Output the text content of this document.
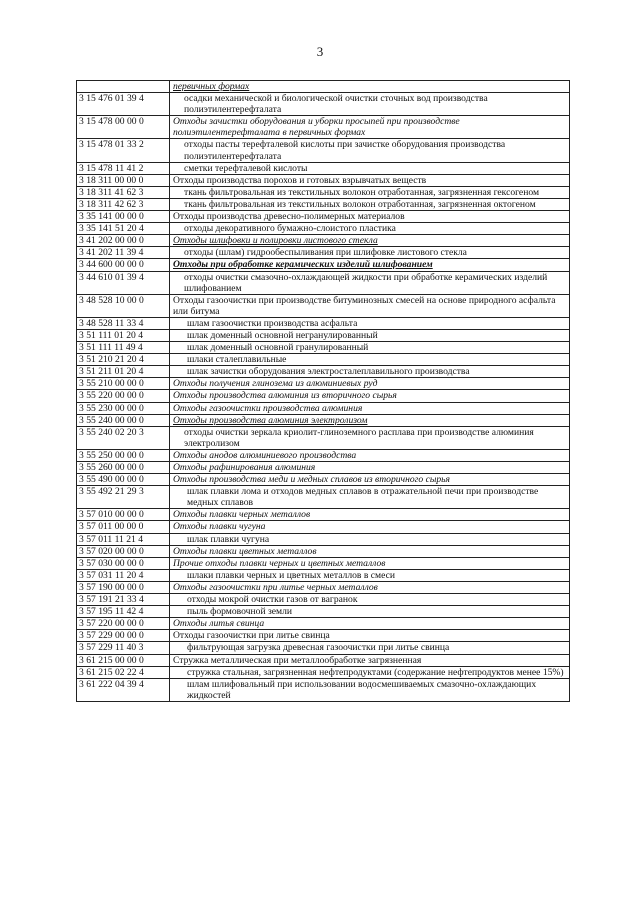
3
	первичных формах
3 15 476 01 39 4	осадки механической и биологической очистки сточных вод производства полиэтилентерефталата
3 15 478 00 00 0	Отходы зачистки оборудования и уборки просыпей при производстве полиэтилентерефталата в первичных формах
3 15 478 01 33 2	отходы пасты терефталевой кислоты при зачистке оборудования производства полиэтилентерефталата
3 15 478 11 41 2	сметки терефталевой кислоты
3 18 311 00 00 0	Отходы производства порохов и готовых взрывчатых веществ
3 18 311 41 62 3	ткань фильтровальная из текстильных волокон отработанная, загрязненная гексогеном
3 18 311 42 62 3	ткань фильтровальная из текстильных волокон отработанная, загрязненная октогеном
3 35 141 00 00 0	Отходы производства древесно-полимерных материалов
3 35 141 51 20 4	отходы декоративного бумажно-слоистого пластика
3 41 202 00 00 0	Отходы шлифовки и полировки листового стекла
3 41 202 11 39 4	отходы (шлам) гидрообеспыливания при шлифовке листового стекла
3 44 600 00 00 0	Отходы при обработке керамических изделий шлифованием
3 44 610 01 39 4	отходы очистки смазочно-охлаждающей жидкости при обработке керамических изделий шлифованием
3 48 528 10 00 0	Отходы газоочистки при производстве битуминозных смесей на основе природного асфальта или битума
3 48 528 11 33 4	шлам газоочистки производства асфальта
3 51 111 01 20 4	шлак доменный основной негранулированный
3 51 111 11 49 4	шлак доменный основной гранулированный
3 51 210 21 20 4	шлаки сталеплавильные
3 51 211 01 20 4	шлак зачистки оборудования электросталеплавильного производства
3 55 210 00 00 0	Отходы получения глинозема из алюминиевых руд
3 55 220 00 00 0	Отходы производства алюминия из вторичного сырья
3 55 230 00 00 0	Отходы газоочистки производства алюминия
3 55 240 00 00 0	Отходы производства алюминия электролизом
3 55 240 02 20 3	отходы очистки зеркала криолит-глиноземного расплава при производстве алюминия электролизом
3 55 250 00 00 0	Отходы анодов алюминиевого производства
3 55 260 00 00 0	Отходы рафинирования алюминия
3 55 490 00 00 0	Отходы производства меди и медных сплавов из вторичного сырья
3 55 492 21 29 3	шлак плавки лома и отходов медных сплавов в отражательной печи при производстве медных сплавов
3 57 010 00 00 0	Отходы плавки черных металлов
3 57 011 00 00 0	Отходы плавки чугуна
3 57 011 11 21 4	шлак плавки чугуна
3 57 020 00 00 0	Отходы плавки цветных металлов
3 57 030 00 00 0	Прочие отходы плавки черных и цветных металлов
3 57 031 11 20 4	шлаки плавки черных и цветных металлов в смеси
3 57 190 00 00 0	Отходы газоочистки при литье черных металлов
3 57 191 21 33 4	отходы мокрой очистки газов от вагранок
3 57 195 11 42 4	пыль формовочной земли
3 57 220 00 00 0	Отходы литья свинца
3 57 229 00 00 0	Отходы газоочистки при литье свинца
3 57 229 11 40 3	фильтрующая загрузка древесная газоочистки при литье свинца
3 61 215 00 00 0	Стружка металлическая при металлообработке загрязненная
3 61 215 02 22 4	стружка стальная, загрязненная нефтепродуктами (содержание нефтепродуктов менее 15%)
3 61 222 04 39 4	шлам шлифовальный при использовании водосмешиваемых смазочно-охлаждающих жидкостей
